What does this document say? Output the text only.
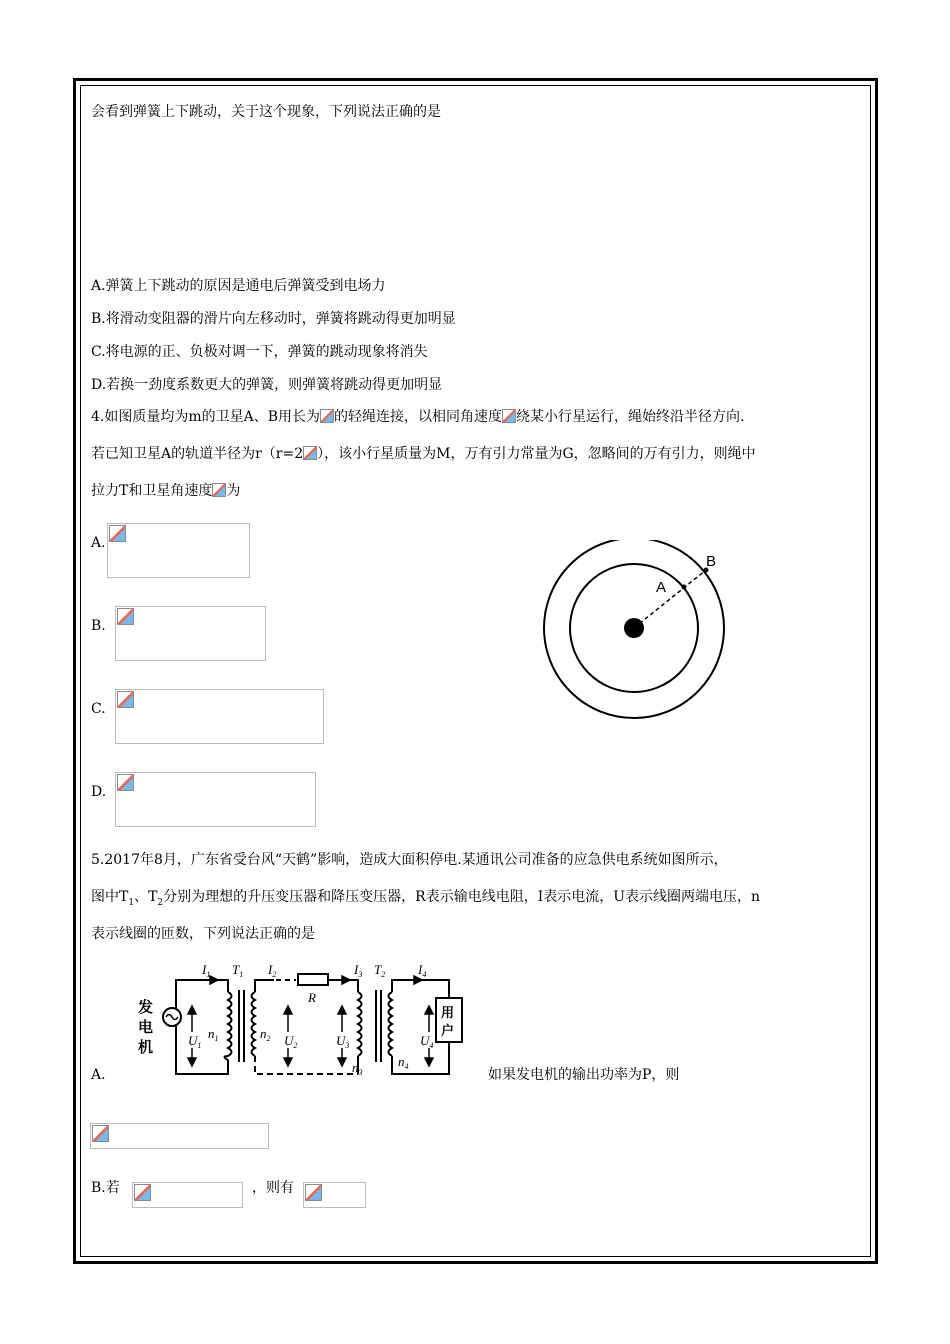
会看到弹簧上下跳动，关于这个现象，下列说法正确的是
A.弹簧上下跳动的原因是通电后弹簧受到电场力
B.将滑动变阻器的滑片向左移动时，弹簧将跳动得更加明显
C.将电源的正、负极对调一下，弹簧的跳动现象将消失
D.若换一劲度系数更大的弹簧，则弹簧将跳动得更加明显
4.如图质量均为m的卫星A、B用长为 的轻绳连接，以相同角速度 绕某小行星运行，绳始终沿半径方向.
若已知卫星A的轨道半径为r（r=2 ），该小行星质量为M，万有引力常量为G，忽略间的万有引力，则绳中
拉力T和卫星角速度 为
A.
B.
C.
D.
A
B
5.2017年8月，广东省受台风“天鹤”影响，造成大面积停电.某通讯公司准备的应急供电系统如图所示，
图中$T_1$、$T_2$分别为理想的升压变压器和降压变压器，R表示输电线电阻，I表示电流，U表示线圈两端电压，n
表示线圈的匝数，下列说法正确的是
发
电
机
用
户
$I_1$ $T_1$ $I_2$
R
$I_3$ $T_2$	$I_4$
$U_1$
$n_1$	$n_2$ $U_2$	$U_3$
$n_3$
$n_4$
$U_4$
A.	如果发电机的输出功率为P，则
B.若	，则有
